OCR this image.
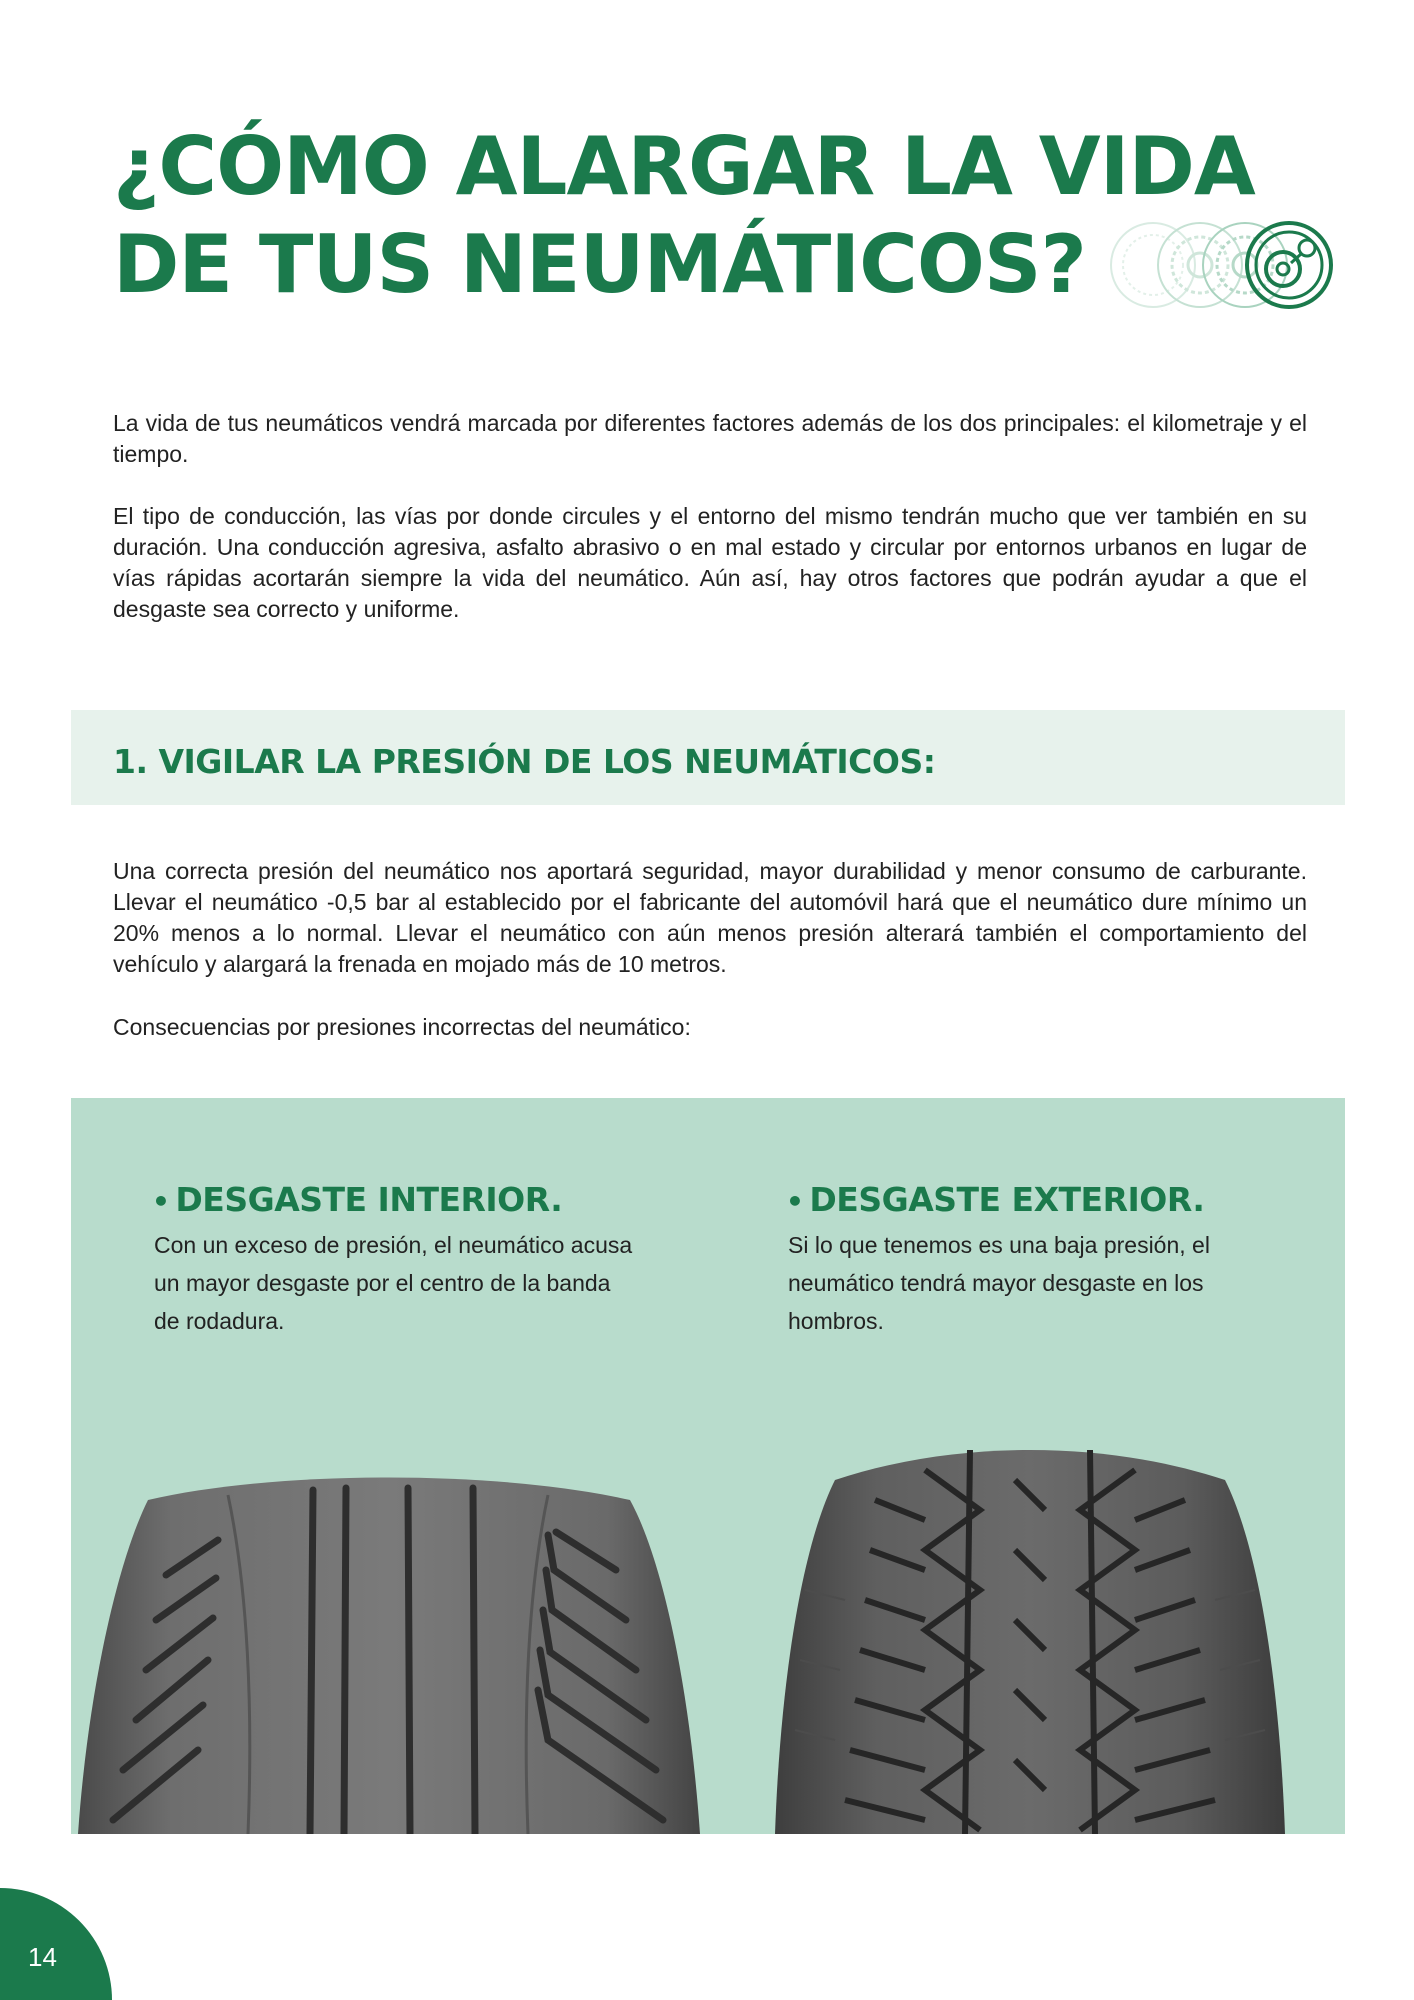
¿CÓMO ALARGAR LA VIDA
DE TUS NEUMÁTICOS?

La vida de tus neumáticos vendrá marcada por diferentes factores además de los dos principales: el kilometraje y el tiempo.

El tipo de conducción, las vías por donde circules y el entorno del mismo tendrán mucho que ver también en su duración. Una conducción agresiva, asfalto abrasivo o en mal estado y circular por entornos urbanos en lugar de vías rápidas acortarán siempre la vida del neumático. Aún así, hay otros factores que podrán ayudar a que el desgaste sea correcto y uniforme.

1. VIGILAR LA PRESIÓN DE LOS NEUMÁTICOS:

Una correcta presión del neumático nos aportará seguridad, mayor durabilidad y menor consumo de carburante. Llevar el neumático -0,5 bar al establecido por el fabricante del automóvil hará que el neumático dure mínimo un 20% menos a lo normal. Llevar el neumático con aún menos presión alterará también el comportamiento del vehículo y alargará la frenada en mojado más de 10 metros.

Consecuencias por presiones incorrectas del neumático:

• DESGASTE INTERIOR.

Con un exceso de presión, el neumático acusa un mayor desgaste por el centro de la banda de rodadura.

• DESGASTE EXTERIOR.

Si lo que tenemos es una baja presión, el neumático tendrá mayor desgaste en los hombros.

14
